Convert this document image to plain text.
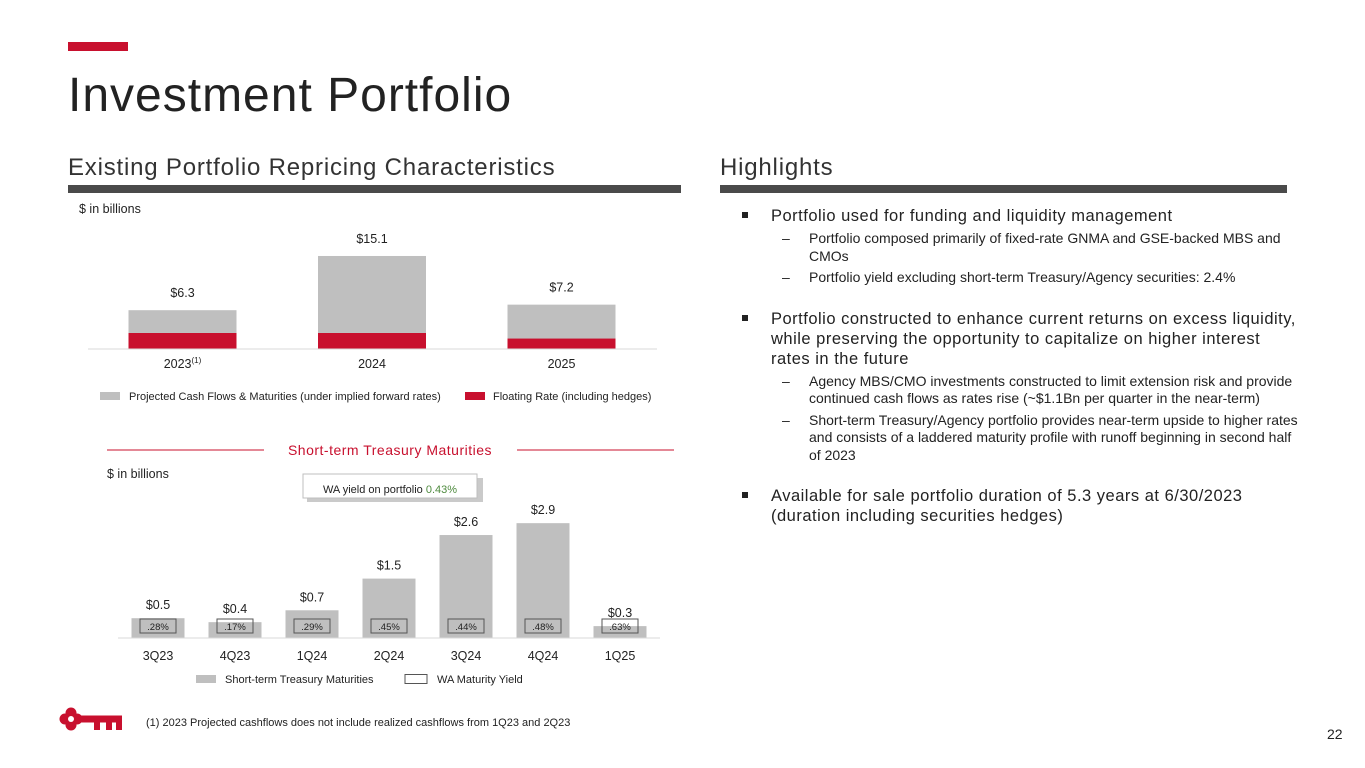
Investment Portfolio
Existing Portfolio Repricing Characteristics	Highlights
$ in billions
$6.3
2023$^{(1)}$
$15.1
2024
$7.2
2025
Projected Cash Flows & Maturities (under implied forward rates)	Floating Rate (including hedges)
Short-term Treasury Maturities
$ in billions
WA yield on portfolio 0.43%
$0.5
.28%
3Q23
$0.4
.17%
4Q23
$0.7
.29%
1Q24
$1.5
.45%
2Q24
$2.6
.44%
3Q24
$2.9
.48%
4Q24
$0.3
.63%
1Q25
Short-term Treasury Maturities	WA Maturity Yield
Portfolio used for funding and liquidity management
– Portfolio composed primarily of fixed-rate GNMA and GSE-backed MBS and CMOs
– Portfolio yield excluding short-term Treasury/Agency securities: 2.4%
Portfolio constructed to enhance current returns on excess liquidity, while preserving the opportunity to capitalize on higher interest rates in the future
– Agency MBS/CMO investments constructed to limit extension risk and provide continued cash flows as rates rise (~$1.1Bn per quarter in the near-term)
– Short-term Treasury/Agency portfolio provides near-term upside to higher rates and consists of a laddered maturity profile with runoff beginning in second half of 2023
Available for sale portfolio duration of 5.3 years at 6/30/2023 (duration including securities hedges)
(1) 2023 Projected cashflows does not include realized cashflows from 1Q23 and 2Q23
22
